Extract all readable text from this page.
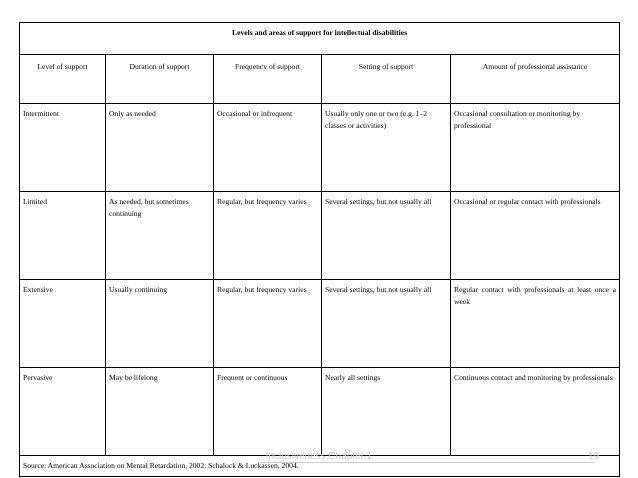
Levels and areas of support for intellectual disabilities				
Level of support	Duration of support	Frequency of support	Setting of support	Amount of professional assistance
Intermittent	Only as needed	Occasional or infrequent	Usually only one or two (e.g. 1–2 classes or activities)	Occasional consultation or monitoring by professional
Limited	As needed, but sometimes continuing	Regular, but frequency varies	Several settings, but not usually all	Occasional or regular contact with professionals
Extensive	Usually continuing	Regular, but frequency varies	Several settings, but not usually all	Regular contact with professionals at least once a week
Pervasive	May be lifelong	Frequent or continuous	Nearly all settings	Continuous contact and monitoring by professionals
Source: American Association on Mental Retardation, 2002: Schalock & Luckassen, 2004.				
Inclusiveness:Chapter 1	19
